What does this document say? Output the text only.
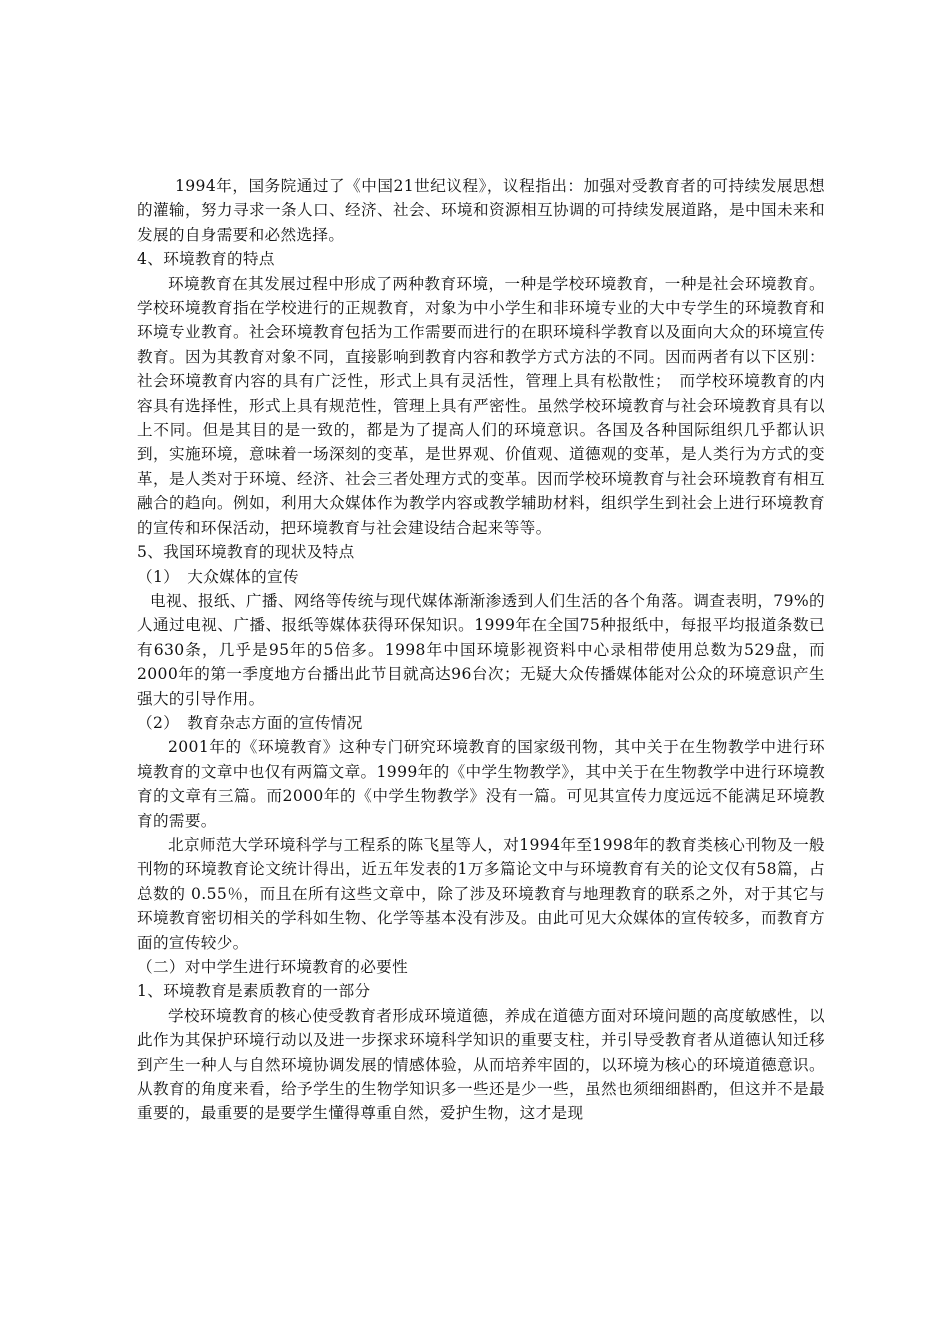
1994年，国务院通过了《中国21世纪议程》，议程指出：加强对受教育者的可持续发展思想的灌输，努力寻求一条人口、经济、社会、环境和资源相互协调的可持续发展道路，是中国未来和发展的自身需要和必然选择。

4、环境教育的特点

环境教育在其发展过程中形成了两种教育环境，一种是学校环境教育，一种是社会环境教育。学校环境教育指在学校进行的正规教育，对象为中小学生和非环境专业的大中专学生的环境教育和环境专业教育。社会环境教育包括为工作需要而进行的在职环境科学教育以及面向大众的环境宣传教育。因为其教育对象不同，直接影响到教育内容和教学方式方法的不同。因而两者有以下区别：社会环境教育内容的具有广泛性，形式上具有灵活性，管理上具有松散性；　而学校环境教育的内容具有选择性，形式上具有规范性，管理上具有严密性。虽然学校环境教育与社会环境教育具有以上不同。但是其目的是一致的，都是为了提高人们的环境意识。各国及各种国际组织几乎都认识到，实施环境，意味着一场深刻的变革，是世界观、价值观、道德观的变革，是人类行为方式的变革，是人类对于环境、经济、社会三者处理方式的变革。因而学校环境教育与社会环境教育有相互融合的趋向。例如，利用大众媒体作为教学内容或教学辅助材料，组织学生到社会上进行环境教育的宣传和环保活动，把环境教育与社会建设结合起来等等。

5、我国环境教育的现状及特点

（1）　大众媒体的宣传

电视、报纸、广播、网络等传统与现代媒体渐渐渗透到人们生活的各个角落。调查表明，79%的人通过电视、广播、报纸等媒体获得环保知识。1999年在全国75种报纸中，每报平均报道条数已有630条，几乎是95年的5倍多。1998年中国环境影视资料中心录相带使用总数为529盘，而2000年的第一季度地方台播出此节目就高达96台次；无疑大众传播媒体能对公众的环境意识产生强大的引导作用。

（2）　教育杂志方面的宣传情况

2001年的《环境教育》这种专门研究环境教育的国家级刊物，其中关于在生物教学中进行环境教育的文章中也仅有两篇文章。1999年的《中学生物教学》，其中关于在生物教学中进行环境教育的文章有三篇。而2000年的《中学生物教学》没有一篇。可见其宣传力度远远不能满足环境教育的需要。

北京师范大学环境科学与工程系的陈飞星等人，对1994年至1998年的教育类核心刊物及一般刊物的环境教育论文统计得出，近五年发表的1万多篇论文中与环境教育有关的论文仅有58篇，占总数的 0.55％，而且在所有这些文章中，除了涉及环境教育与地理教育的联系之外，对于其它与环境教育密切相关的学科如生物、化学等基本没有涉及。由此可见大众媒体的宣传较多，而教育方面的宣传较少。

（二）对中学生进行环境教育的必要性

1、环境教育是素质教育的一部分

学校环境教育的核心使受教育者形成环境道德，养成在道德方面对环境问题的高度敏感性，以此作为其保护环境行动以及进一步探求环境科学知识的重要支柱，并引导受教育者从道德认知迁移到产生一种人与自然环境协调发展的情感体验，从而培养牢固的，以环境为核心的环境道德意识。从教育的角度来看，给予学生的生物学知识多一些还是少一些，虽然也须细细斟酌，但这并不是最重要的，最重要的是要学生懂得尊重自然，爱护生物，这才是现
